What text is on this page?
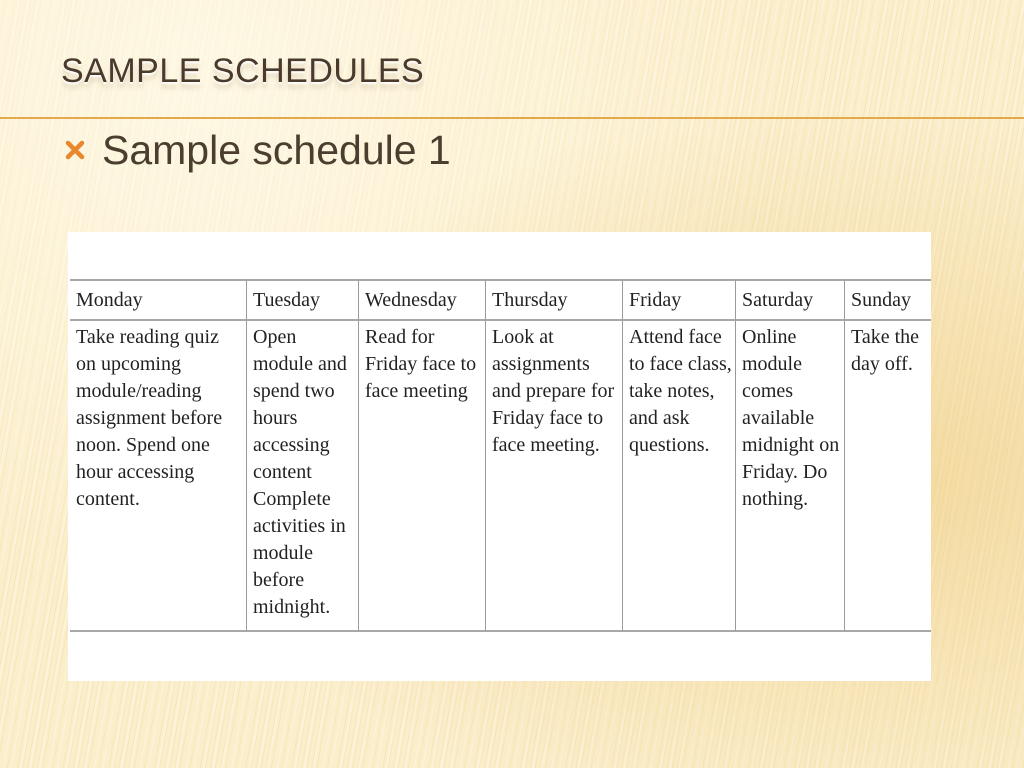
SAMPLE SCHEDULES
Sample schedule 1
Monday	Tuesday	Wednesday	Thursday	Friday	Saturday	Sunday
Take reading quiz on upcoming module/reading assignment before noon. Spend one hour accessing content.	Open module and spend two hours accessing content Complete activities in module before midnight.	Read for Friday face to face meeting	Look at assignments and prepare for Friday face to face meeting.	Attend face to face class, take notes, and ask questions.	Online module comes available midnight on Friday. Do nothing.	Take the day off.
